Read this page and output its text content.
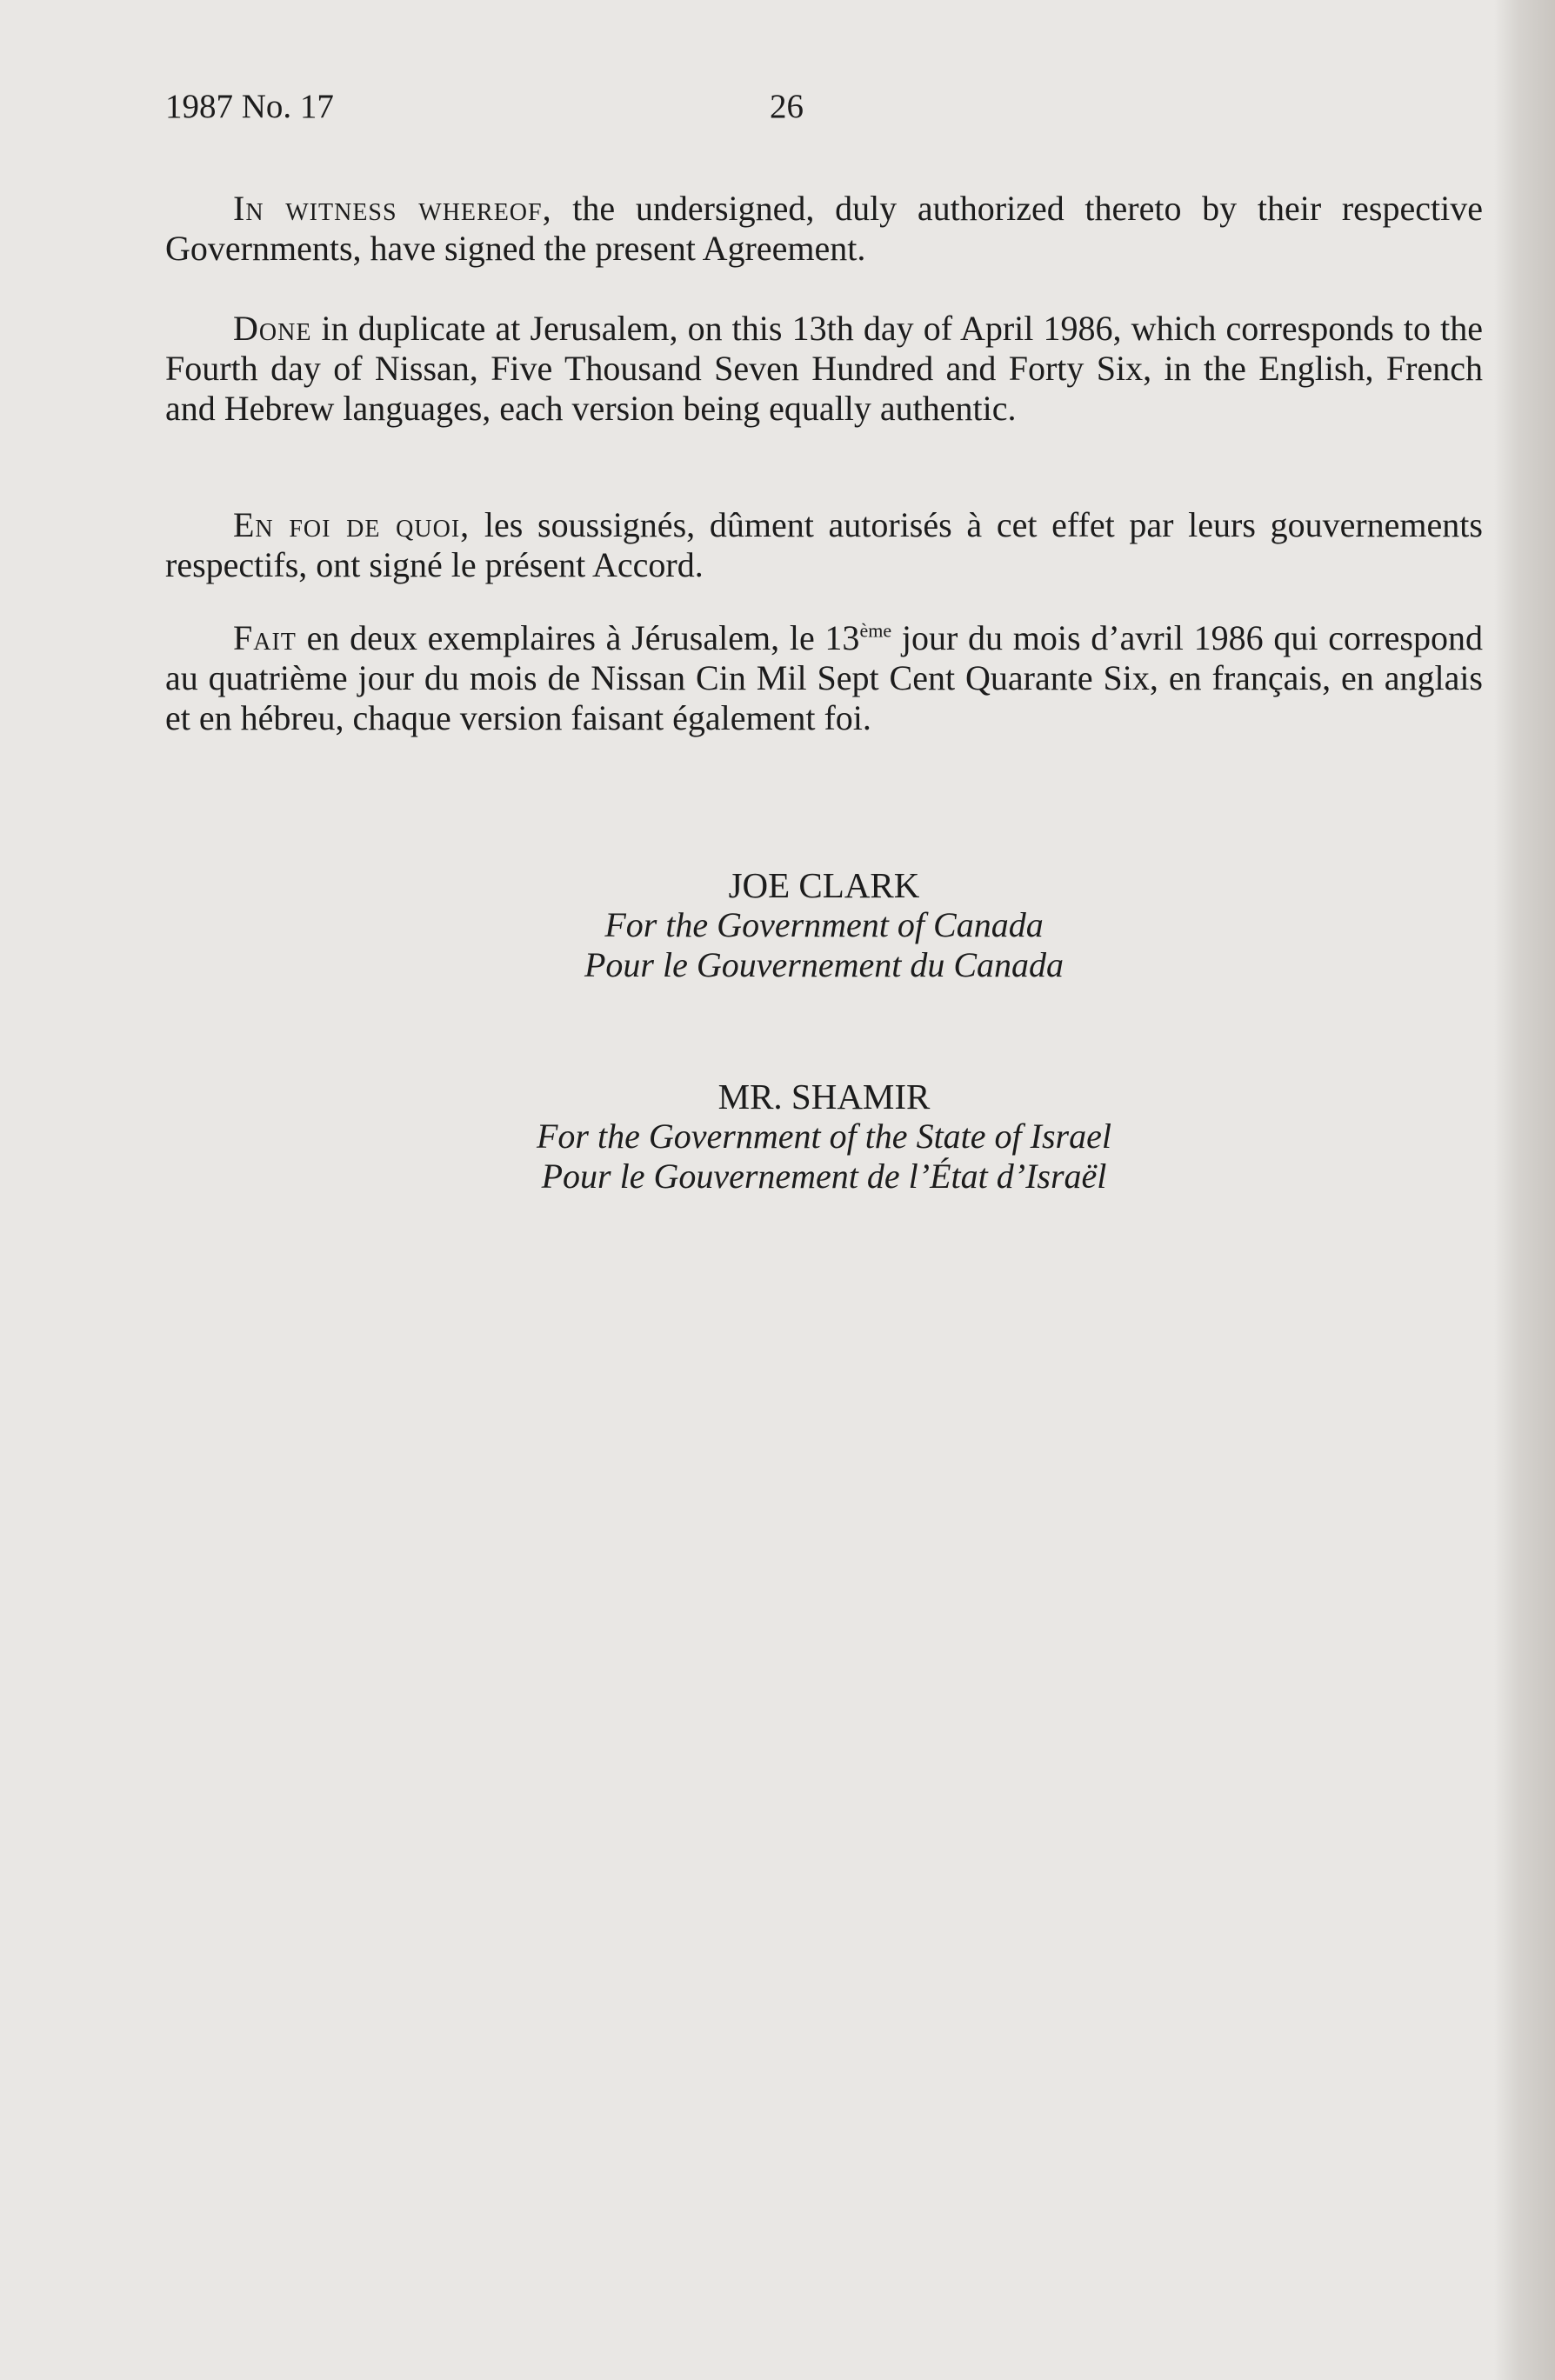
1987 No. 17	26

In witness whereof, the undersigned, duly authorized thereto by their respective Governments, have signed the present Agreement.

Done in duplicate at Jerusalem, on this 13th day of April 1986, which corresponds to the Fourth day of Nissan, Five Thousand Seven Hundred and Forty Six, in the English, French and Hebrew languages, each version being equally authentic.

En foi de quoi, les soussignés, dûment autorisés à cet effet par leurs gouvernements respectifs, ont signé le présent Accord.

Fait en deux exemplaires à Jérusalem, le 13ème jour du mois d’avril 1986 qui correspond au quatrième jour du mois de Nissan Cin Mil Sept Cent Quarante Six, en français, en anglais et en hébreu, chaque version faisant également foi.

JOE CLARK
For the Government of Canada
Pour le Gouvernement du Canada
MR. SHAMIR
For the Government of the State of Israel
Pour le Gouvernement de l’État d’Israël
